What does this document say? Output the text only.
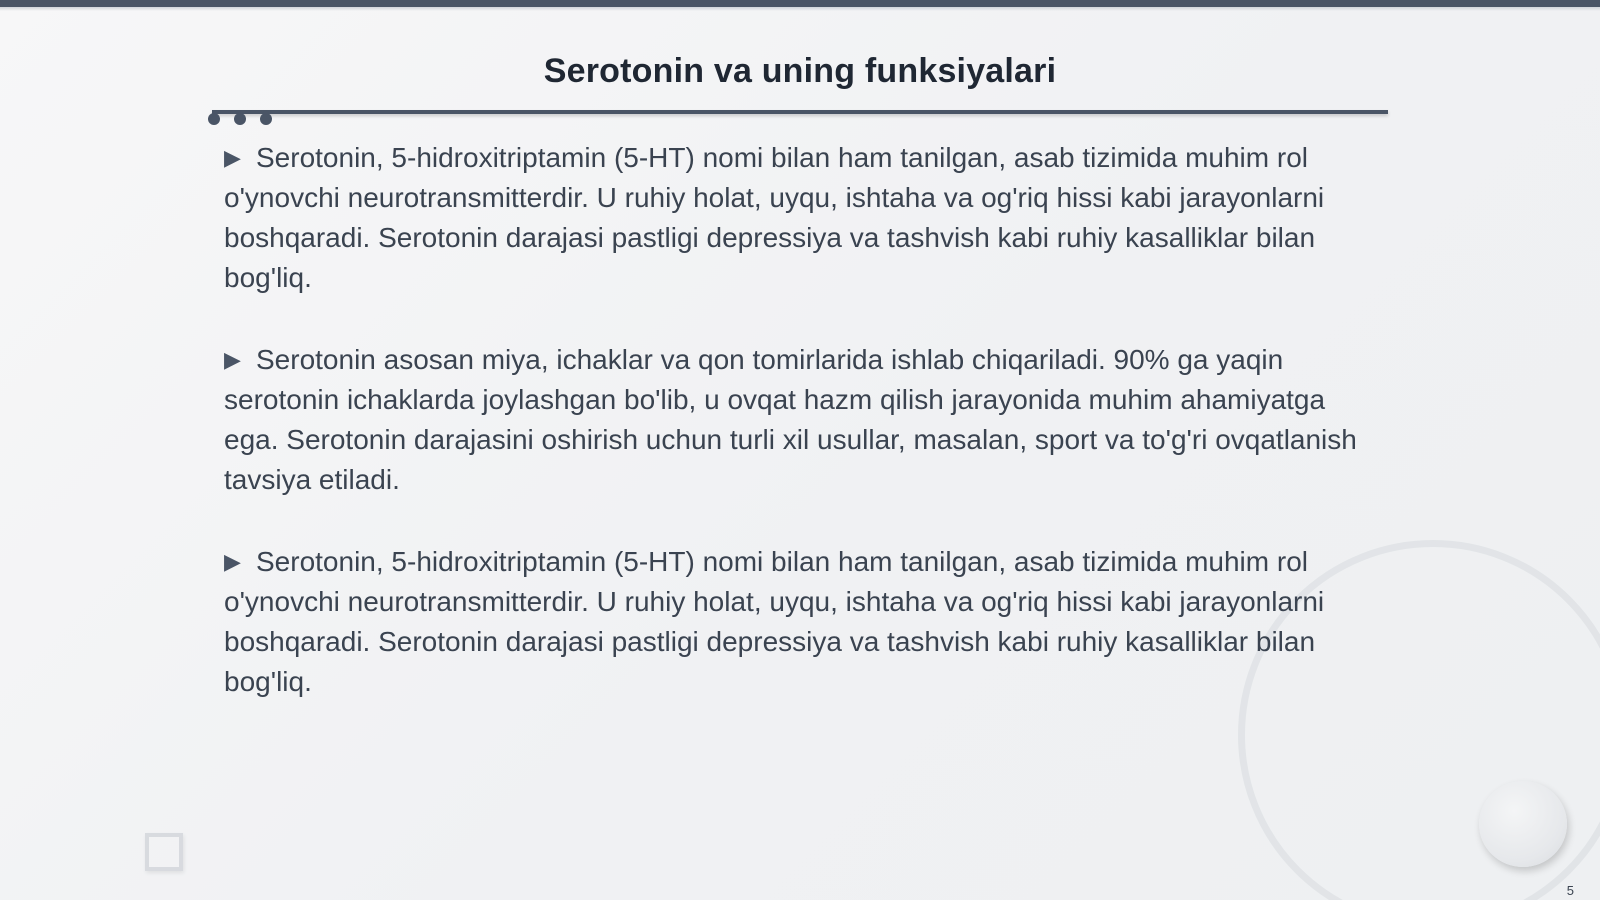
Serotonin va uning funksiyalari

▶ Serotonin, 5-hidroxitriptamin (5-HT) nomi bilan ham tanilgan, asab tizimida muhim rol o'ynovchi neurotransmitterdir. U ruhiy holat, uyqu, ishtaha va og'riq hissi kabi jarayonlarni boshqaradi. Serotonin darajasi pastligi depressiya va tashvish kabi ruhiy kasalliklar bilan bog'liq.

▶ Serotonin asosan miya, ichaklar va qon tomirlarida ishlab chiqariladi. 90% ga yaqin serotonin ichaklarda joylashgan bo'lib, u ovqat hazm qilish jarayonida muhim ahamiyatga ega. Serotonin darajasini oshirish uchun turli xil usullar, masalan, sport va to'g'ri ovqatlanish tavsiya etiladi.

▶ Serotonin, 5-hidroxitriptamin (5-HT) nomi bilan ham tanilgan, asab tizimida muhim rol o'ynovchi neurotransmitterdir. U ruhiy holat, uyqu, ishtaha va og'riq hissi kabi jarayonlarni boshqaradi. Serotonin darajasi pastligi depressiya va tashvish kabi ruhiy kasalliklar bilan bog'liq.

5
